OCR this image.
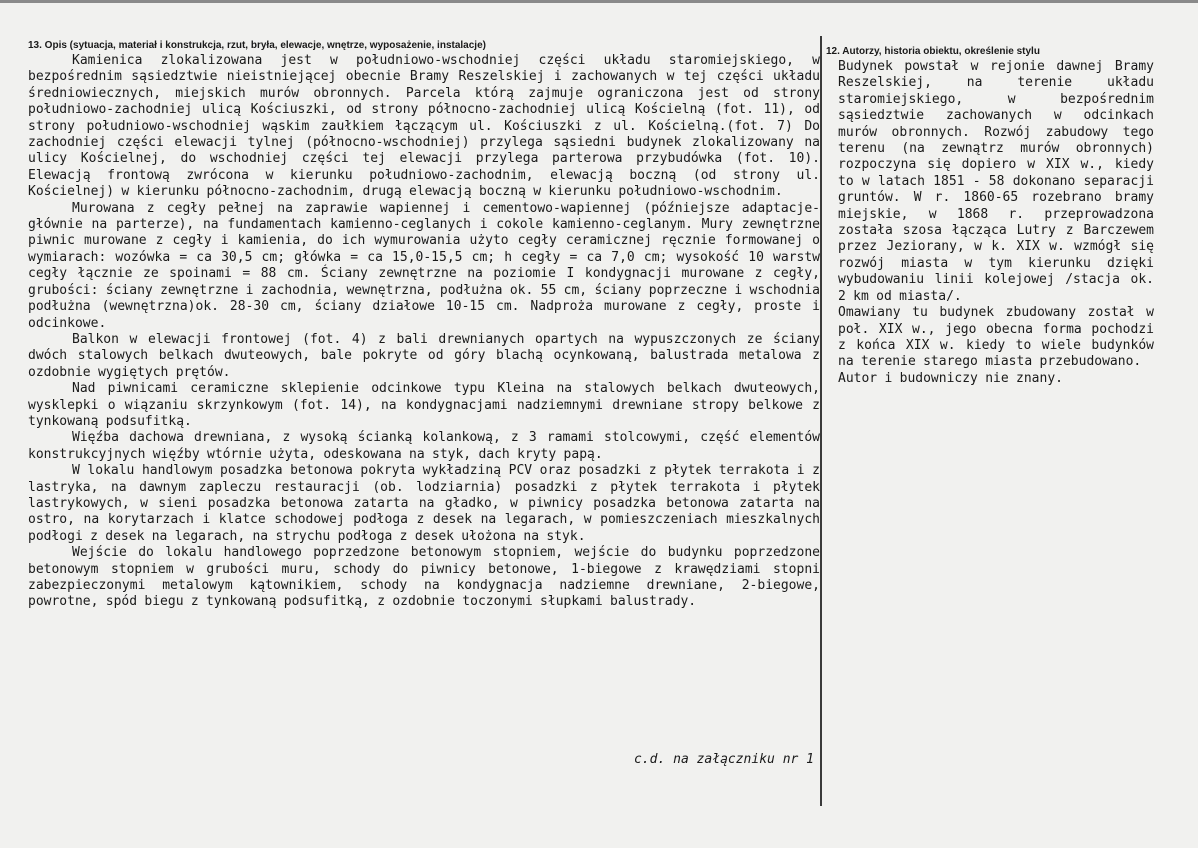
13. Opis (sytuacja, materiał i konstrukcja, rzut, bryła, elewacje, wnętrze, wyposażenie, instalacje)

Kamienica zlokalizowana jest w południowo-wschodniej części układu staromiejskiego, w bezpośrednim sąsiedztwie nieistniejącej obecnie Bramy Reszelskiej i zachowanych w tej części układu średniowiecznych, miejskich murów obronnych. Parcela którą zajmuje ograniczona jest od strony południowo-zachodniej ulicą Kościuszki, od strony północno-zachodniej ulicą Kościelną (fot. 11), od strony południowo-wschodniej wąskim zaułkiem łączącym ul. Kościuszki z ul. Kościelną.(fot. 7) Do zachodniej części elewacji tylnej (północno-wschodniej) przylega sąsiedni budynek zlokalizowany na ulicy Kościelnej, do wschodniej części tej elewacji przylega parterowa przybudówka (fot. 10). Elewacją frontową zwrócona w kierunku południowo-zachodnim, elewacją boczną (od strony ul. Kościelnej) w kierunku północno-zachodnim, drugą elewacją boczną w kierunku południowo-wschodnim.

Murowana z cegły pełnej na zaprawie wapiennej i cementowo-wapiennej (późniejsze adaptacje-głównie na parterze), na fundamentach kamienno-ceglanych i cokole kamienno-ceglanym. Mury zewnętrzne piwnic murowane z cegły i kamienia, do ich wymurowania użyto cegły ceramicznej ręcznie formowanej o wymiarach: wozówka = ca 30,5 cm; główka = ca 15,0-15,5 cm; h cegły = ca 7,0 cm; wysokość 10 warstw cegły łącznie ze spoinami = 88 cm. Ściany zewnętrzne na poziomie I kondygnacji murowane z cegły, grubości: ściany zewnętrzne i zachodnia, wewnętrzna, podłużna ok. 55 cm, ściany poprzeczne i wschodnia podłużna (wewnętrzna)ok. 28-30 cm, ściany działowe 10-15 cm. Nadproża murowane z cegły, proste i odcinkowe.

Balkon w elewacji frontowej (fot. 4) z bali drewnianych opartych na wypuszczonych ze ściany dwóch stalowych belkach dwuteowych, bale pokryte od góry blachą ocynkowaną, balustrada metalowa z ozdobnie wygiętych prętów.

Nad piwnicami ceramiczne sklepienie odcinkowe typu Kleina na stalowych belkach dwuteowych, wysklepki o wiązaniu skrzynkowym (fot. 14), na kondygnacjami nadziemnymi drewniane stropy belkowe z tynkowaną podsufitką.

Więźba dachowa drewniana, z wysoką ścianką kolankową, z 3 ramami stolcowymi, część elementów konstrukcyjnych więźby wtórnie użyta, odeskowana na styk, dach kryty papą.

W lokalu handlowym posadzka betonowa pokryta wykładziną PCV oraz posadzki z płytek terrakota i z lastryka, na dawnym zapleczu restauracji (ob. lodziarnia) posadzki z płytek terrakota i płytek lastrykowych, w sieni posadzka betonowa zatarta na gładko, w piwnicy posadzka betonowa zatarta na ostro, na korytarzach i klatce schodowej podłoga z desek na legarach, w pomieszczeniach mieszkalnych podłogi z desek na legarach, na strychu podłoga z desek ułożona na styk.

Wejście do lokalu handlowego poprzedzone betonowym stopniem, wejście do budynku poprzedzone betonowym stopniem w grubości muru, schody do piwnicy betonowe, 1-biegowe z krawędziami stopni zabezpieczonymi metalowym kątownikiem, schody na kondygnacja nadziemne drewniane, 2-biegowe, powrotne, spód biegu z tynkowaną podsufitką, z ozdobnie toczonymi słupkami balustrady.

c.d. na załączniku nr 1
12. Autorzy, historia obiektu, określenie stylu

Budynek powstał w rejonie dawnej Bramy Reszelskiej, na terenie układu staromiejskiego, w bezpośrednim sąsiedztwie zachowanych w odcinkach murów obronnych. Rozwój zabudowy tego terenu (na zewnątrz murów obronnych) rozpoczyna się dopiero w XIX w., kiedy to w latach 1851 - 58 dokonano separacji gruntów. W r. 1860-65 rozebrano bramy miejskie, w 1868 r. przeprowadzona została szosa łącząca Lutry z Barczewem przez Jeziorany, w k. XIX w. wzmógł się rozwój miasta w tym kierunku dzięki wybudowaniu linii kolejowej /stacja ok. 2 km od miasta/.

Omawiany tu budynek zbudowany został w poł. XIX w., jego obecna forma pochodzi z końca XIX w. kiedy to wiele budynków na terenie starego miasta przebudowano.

Autor i budowniczy nie znany.
